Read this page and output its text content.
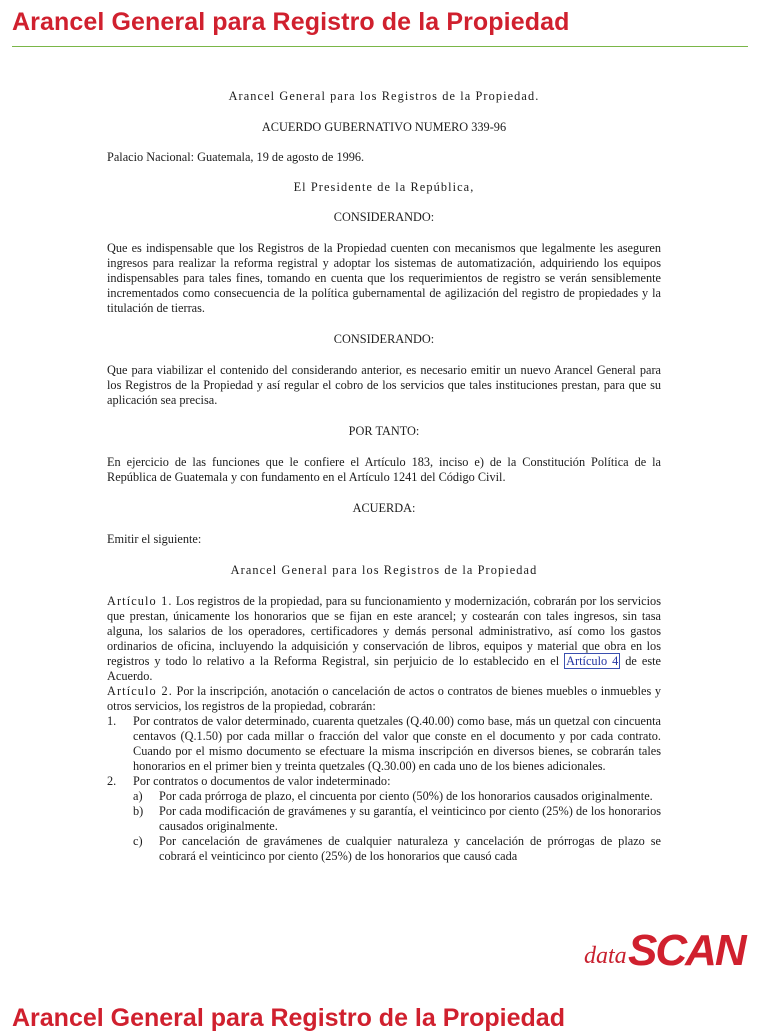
Arancel General para Registro de la Propiedad

Arancel General para los Registros de la Propiedad.

ACUERDO GUBERNATIVO NUMERO 339-96

Palacio Nacional: Guatemala, 19 de agosto de 1996.

El Presidente de la República,

CONSIDERANDO:

Que es indispensable que los Registros de la Propiedad cuenten con mecanismos que legalmente les aseguren ingresos para realizar la reforma registral y adoptar los sistemas de automatización, adquiriendo los equipos indispensables para tales fines, tomando en cuenta que los requerimientos de registro se verán sensiblemente incrementados como consecuencia de la política gubernamental de agilización del registro de propiedades y la titulación de tierras.

CONSIDERANDO:

Que para viabilizar el contenido del considerando anterior, es necesario emitir un nuevo Arancel General para los Registros de la Propiedad y así regular el cobro de los servicios que tales instituciones prestan, para que su aplicación sea precisa.

POR TANTO:

En ejercicio de las funciones que le confiere el Artículo 183, inciso e) de la Constitución Política de la República de Guatemala y con fundamento en el Artículo 1241 del Código Civil.

ACUERDA:

Emitir el siguiente:

Arancel General para los Registros de la Propiedad

Artículo 1. Los registros de la propiedad, para su funcionamiento y modernización, cobrarán por los servicios que prestan, únicamente los honorarios que se fijan en este arancel; y costearán con tales ingresos, sin tasa alguna, los salarios de los operadores, certificadores y demás personal administrativo, así como los gastos ordinarios de oficina, incluyendo la adquisición y conservación de libros, equipos y material que obra en los registros y todo lo relativo a la Reforma Registral, sin perjuicio de lo establecido en el Artículo 4 de este Acuerdo.

Artículo 2. Por la inscripción, anotación o cancelación de actos o contratos de bienes muebles o inmuebles y otros servicios, los registros de la propiedad, cobrarán:

1. Por contratos de valor determinado, cuarenta quetzales (Q.40.00) como base, más un quetzal con cincuenta centavos (Q.1.50) por cada millar o fracción del valor que conste en el documento y por cada contrato. Cuando por el mismo documento se efectuare la misma inscripción en diversos bienes, se cobrarán tales honorarios en el primer bien y treinta quetzales (Q.30.00) en cada uno de los bienes adicionales.
2. Por contratos o documentos de valor indeterminado:
a) Por cada prórroga de plazo, el cincuenta por ciento (50%) de los honorarios causados originalmente.
b) Por cada modificación de gravámenes y su garantía, el veinticinco por ciento (25%) de los honorarios causados originalmente.
c) Por cancelación de gravámenes de cualquier naturaleza y cancelación de prórrogas de plazo se cobrará el veinticinco por ciento (25%) de los honorarios que causó cada
data SCAN
Arancel General para Registro de la Propiedad
